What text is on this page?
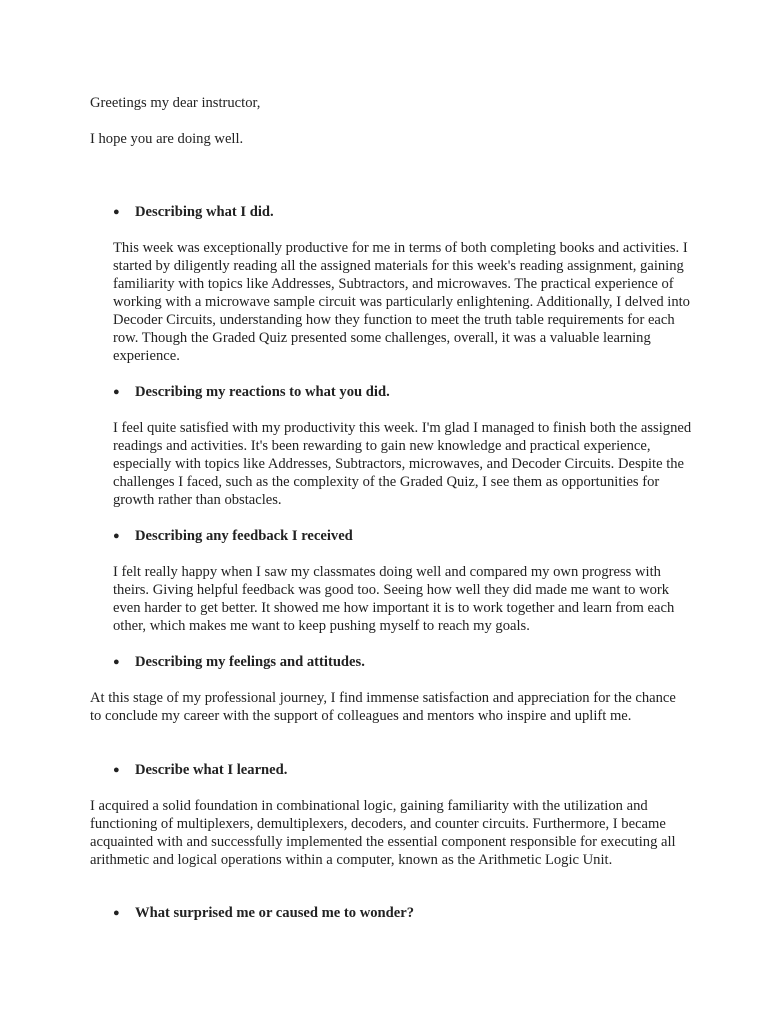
Greetings my dear instructor,

I hope you are doing well.

● Describing what I did.

This week was exceptionally productive for me in terms of both completing books and activities. I started by diligently reading all the assigned materials for this week's reading assignment, gaining familiarity with topics like Addresses, Subtractors, and microwaves. The practical experience of working with a microwave sample circuit was particularly enlightening. Additionally, I delved into Decoder Circuits, understanding how they function to meet the truth table requirements for each row. Though the Graded Quiz presented some challenges, overall, it was a valuable learning experience.

● Describing my reactions to what you did.

I feel quite satisfied with my productivity this week. I'm glad I managed to finish both the assigned readings and activities. It's been rewarding to gain new knowledge and practical experience, especially with topics like Addresses, Subtractors, microwaves, and Decoder Circuits. Despite the challenges I faced, such as the complexity of the Graded Quiz, I see them as opportunities for growth rather than obstacles.

● Describing any feedback I received

I felt really happy when I saw my classmates doing well and compared my own progress with theirs. Giving helpful feedback was good too. Seeing how well they did made me want to work even harder to get better. It showed me how important it is to work together and learn from each other, which makes me want to keep pushing myself to reach my goals.

● Describing my feelings and attitudes.

At this stage of my professional journey, I find immense satisfaction and appreciation for the chance to conclude my career with the support of colleagues and mentors who inspire and uplift me.

● Describe what I learned.

I acquired a solid foundation in combinational logic, gaining familiarity with the utilization and functioning of multiplexers, demultiplexers, decoders, and counter circuits. Furthermore, I became acquainted with and successfully implemented the essential component responsible for executing all arithmetic and logical operations within a computer, known as the Arithmetic Logic Unit.

● What surprised me or caused me to wonder?
